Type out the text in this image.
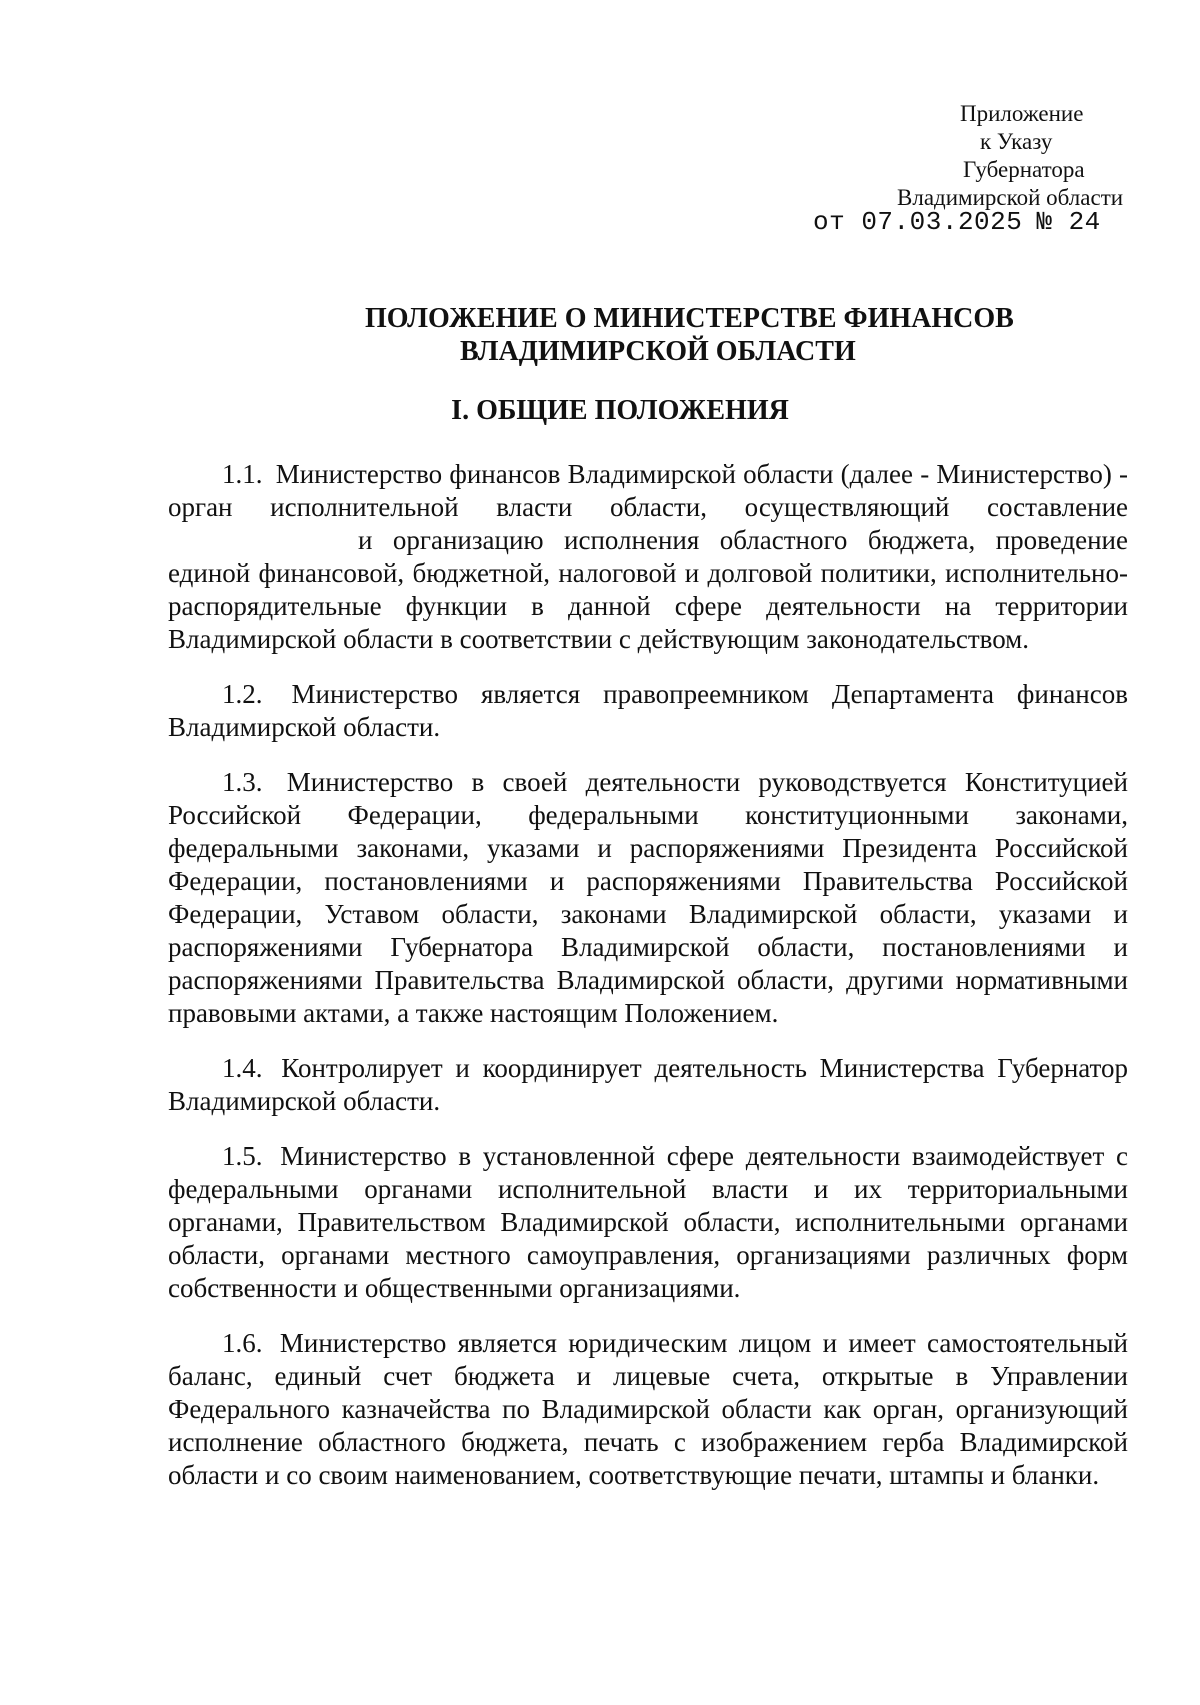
Приложение
к Указу
Губернатора
Владимирской области
от 07.03.2025 № 24
ПОЛОЖЕНИЕ О МИНИСТЕРСТВЕ ФИНАНСОВ
ВЛАДИМИРСКОЙ ОБЛАСТИ
I. ОБЩИЕ ПОЛОЖЕНИЯ

1.1. Министерство финансов Владимирской области (далее - Министерство) - орган исполнительной власти области, осуществляющий составлениеи организацию исполнения областного бюджета, проведение единой финансовой, бюджетной, налоговой и долговой политики, исполнительно-распорядительные функции в данной сфере деятельности на территории Владимирской области в соответствии с действующим законодательством.

1.2. Министерство является правопреемником Департамента финансов Владимирской области.

1.3. Министерство в своей деятельности руководствуется Конституцией Российской Федерации, федеральными конституционными законами, федеральными законами, указами и распоряжениями Президента Российской Федерации, постановлениями и распоряжениями Правительства Российской Федерации, Уставом области, законами Владимирской области, указами и распоряжениями Губернатора Владимирской области, постановлениями и распоряжениями Правительства Владимирской области, другими нормативными правовыми актами, а также настоящим Положением.

1.4. Контролирует и координирует деятельность Министерства Губернатор Владимирской области.

1.5. Министерство в установленной сфере деятельности взаимодействует с федеральными органами исполнительной власти и их территориальными органами, Правительством Владимирской области, исполнительными органами области, органами местного самоуправления, организациями различных форм собственности и общественными организациями.

1.6. Министерство является юридическим лицом и имеет самостоятельный баланс, единый счет бюджета и лицевые счета, открытые в Управлении Федерального казначейства по Владимирской области как орган, организующий исполнение областного бюджета, печать с изображением герба Владимирской области и со своим наименованием, соответствующие печати, штампы и бланки.
